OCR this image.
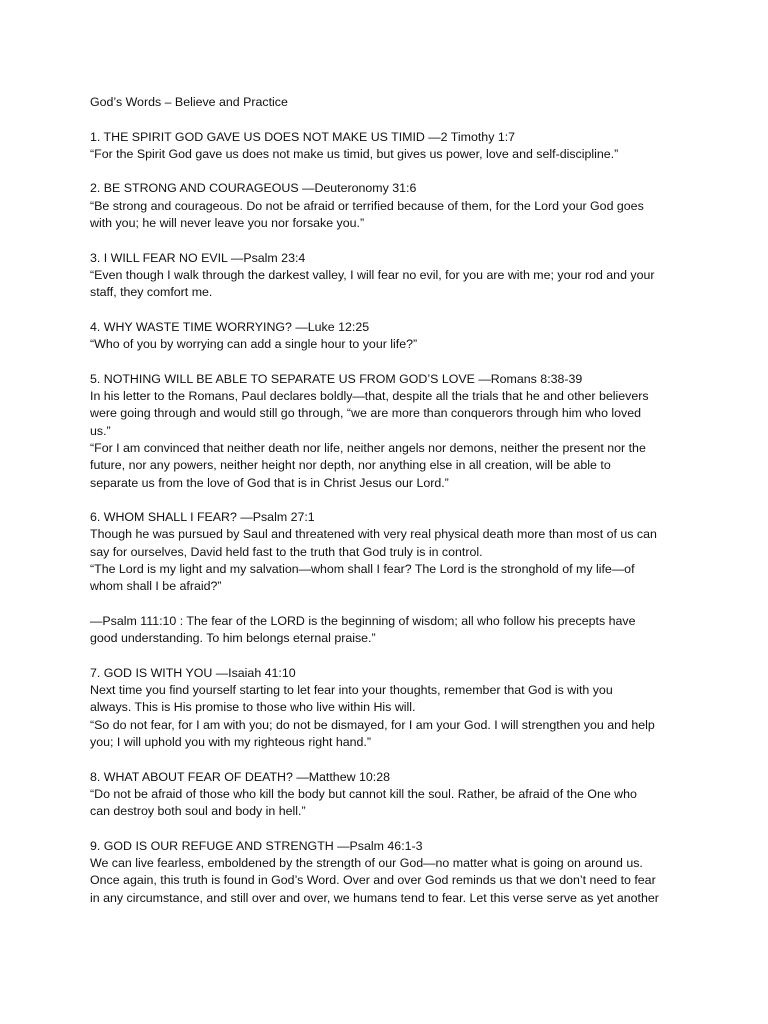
God’s Words – Believe and Practice
1. THE SPIRIT GOD GAVE US DOES NOT MAKE US TIMID —2 Timothy 1:7
“For the Spirit God gave us does not make us timid, but gives us power, love and self-discipline.”
2. BE STRONG AND COURAGEOUS —Deuteronomy 31:6
“Be strong and courageous. Do not be afraid or terrified because of them, for the Lord your God goes
with you; he will never leave you nor forsake you.”
3. I WILL FEAR NO EVIL —Psalm 23:4
“Even though I walk through the darkest valley, I will fear no evil, for you are with me; your rod and your
staff, they comfort me.
4. WHY WASTE TIME WORRYING? —Luke 12:25
“Who of you by worrying can add a single hour to your life?”
5. NOTHING WILL BE ABLE TO SEPARATE US FROM GOD’S LOVE —Romans 8:38-39
In his letter to the Romans, Paul declares boldly—that, despite all the trials that he and other believers
were going through and would still go through, “we are more than conquerors through him who loved
us.”
“For I am convinced that neither death nor life, neither angels nor demons, neither the present nor the
future, nor any powers, neither height nor depth, nor anything else in all creation, will be able to
separate us from the love of God that is in Christ Jesus our Lord.”
6. WHOM SHALL I FEAR? —Psalm 27:1
Though he was pursued by Saul and threatened with very real physical death more than most of us can
say for ourselves, David held fast to the truth that God truly is in control.
“The Lord is my light and my salvation—whom shall I fear? The Lord is the stronghold of my life—of
whom shall I be afraid?”
—Psalm 111:10 : The fear of the LORD is the beginning of wisdom; all who follow his precepts have
good understanding. To him belongs eternal praise.”
7. GOD IS WITH YOU —Isaiah 41:10
Next time you find yourself starting to let fear into your thoughts, remember that God is with you
always. This is His promise to those who live within His will.
“So do not fear, for I am with you; do not be dismayed, for I am your God. I will strengthen you and help
you; I will uphold you with my righteous right hand.”
8. WHAT ABOUT FEAR OF DEATH? —Matthew 10:28
“Do not be afraid of those who kill the body but cannot kill the soul. Rather, be afraid of the One who
can destroy both soul and body in hell.”
9. GOD IS OUR REFUGE AND STRENGTH —Psalm 46:1-3
We can live fearless, emboldened by the strength of our God—no matter what is going on around us.
Once again, this truth is found in God’s Word. Over and over God reminds us that we don’t need to fear
in any circumstance, and still over and over, we humans tend to fear. Let this verse serve as yet another
